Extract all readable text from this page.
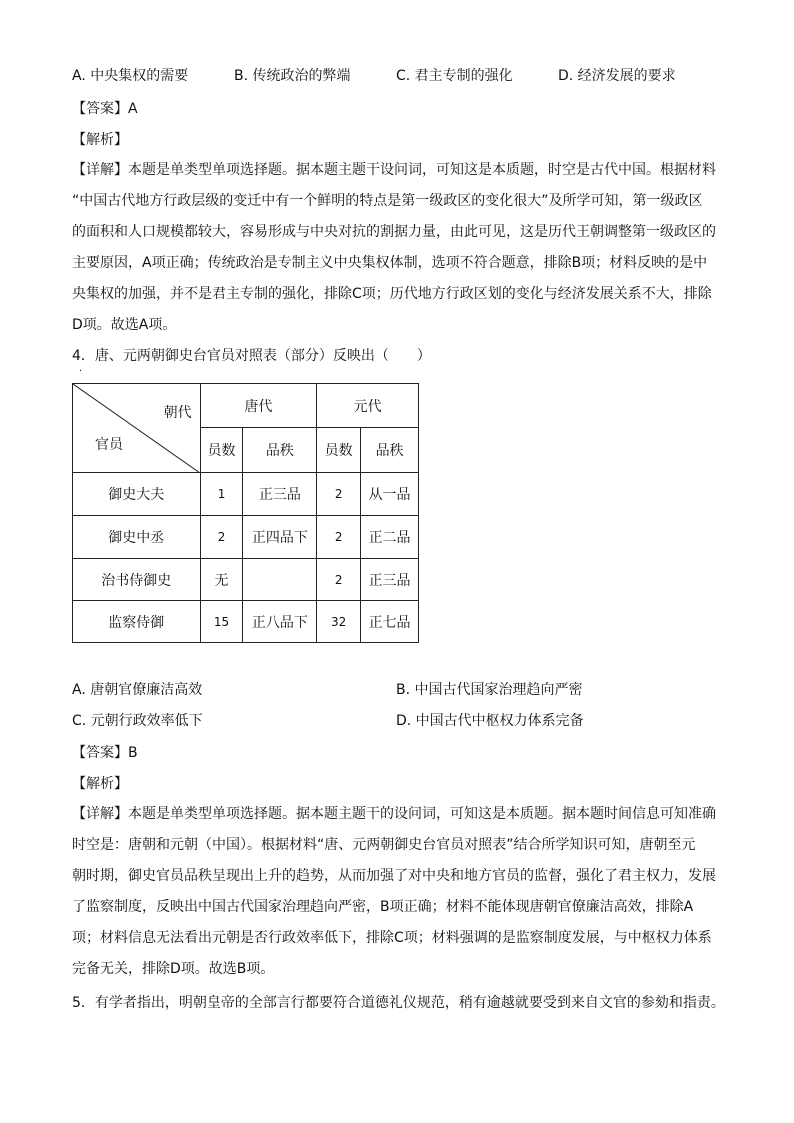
A. 中央集权的需要	B. 传统政治的弊端	C. 君主专制的强化	D. 经济发展的要求
【答案】A
【解析】
【详解】本题是单类型单项选择题。据本题主题干设问词，可知这是本质题，时空是古代中国。根据材料
“中国古代地方行政层级的变迁中有一个鲜明的特点是第一级政区的变化很大”及所学可知，第一级政区
的面积和人口规模都较大，容易形成与中央对抗的割据力量，由此可见，这是历代王朝调整第一级政区的
主要原因，A项正确；传统政治是专制主义中央集权体制，选项不符合题意，排除B项；材料反映的是中
央集权的加强，并不是君主专制的强化，排除C项；历代地方行政区划的变化与经济发展关系不大，排除
D项。故选A项。
4．唐、元两朝御史台官员对照表（部分）反映出（　　）
·
朝代
官员	唐代		元代	
	员数	品秩	员数	品秩
御史大夫	1	正三品	2	从一品
御史中丞	2	正四品下	2	正二品
治书侍御史	无		2	正三品
监察侍御	15	正八品下	32	正七品
A. 唐朝官僚廉洁高效	B. 中国古代国家治理趋向严密
C. 元朝行政效率低下	D. 中国古代中枢权力体系完备
【答案】B
【解析】
【详解】本题是单类型单项选择题。据本题主题干的设问词，可知这是本质题。据本题时间信息可知准确
时空是：唐朝和元朝（中国）。根据材料“唐、元两朝御史台官员对照表”结合所学知识可知，唐朝至元
朝时期，御史官员品秩呈现出上升的趋势，从而加强了对中央和地方官员的监督，强化了君主权力，发展
了监察制度，反映出中国古代国家治理趋向严密，B项正确；材料不能体现唐朝官僚廉洁高效，排除A
项；材料信息无法看出元朝是否行政效率低下，排除C项；材料强调的是监察制度发展，与中枢权力体系
完备无关，排除D项。故选B项。
5．有学者指出，明朝皇帝的全部言行都要符合道德礼仪规范，稍有逾越就要受到来自文官的参劾和指责。
